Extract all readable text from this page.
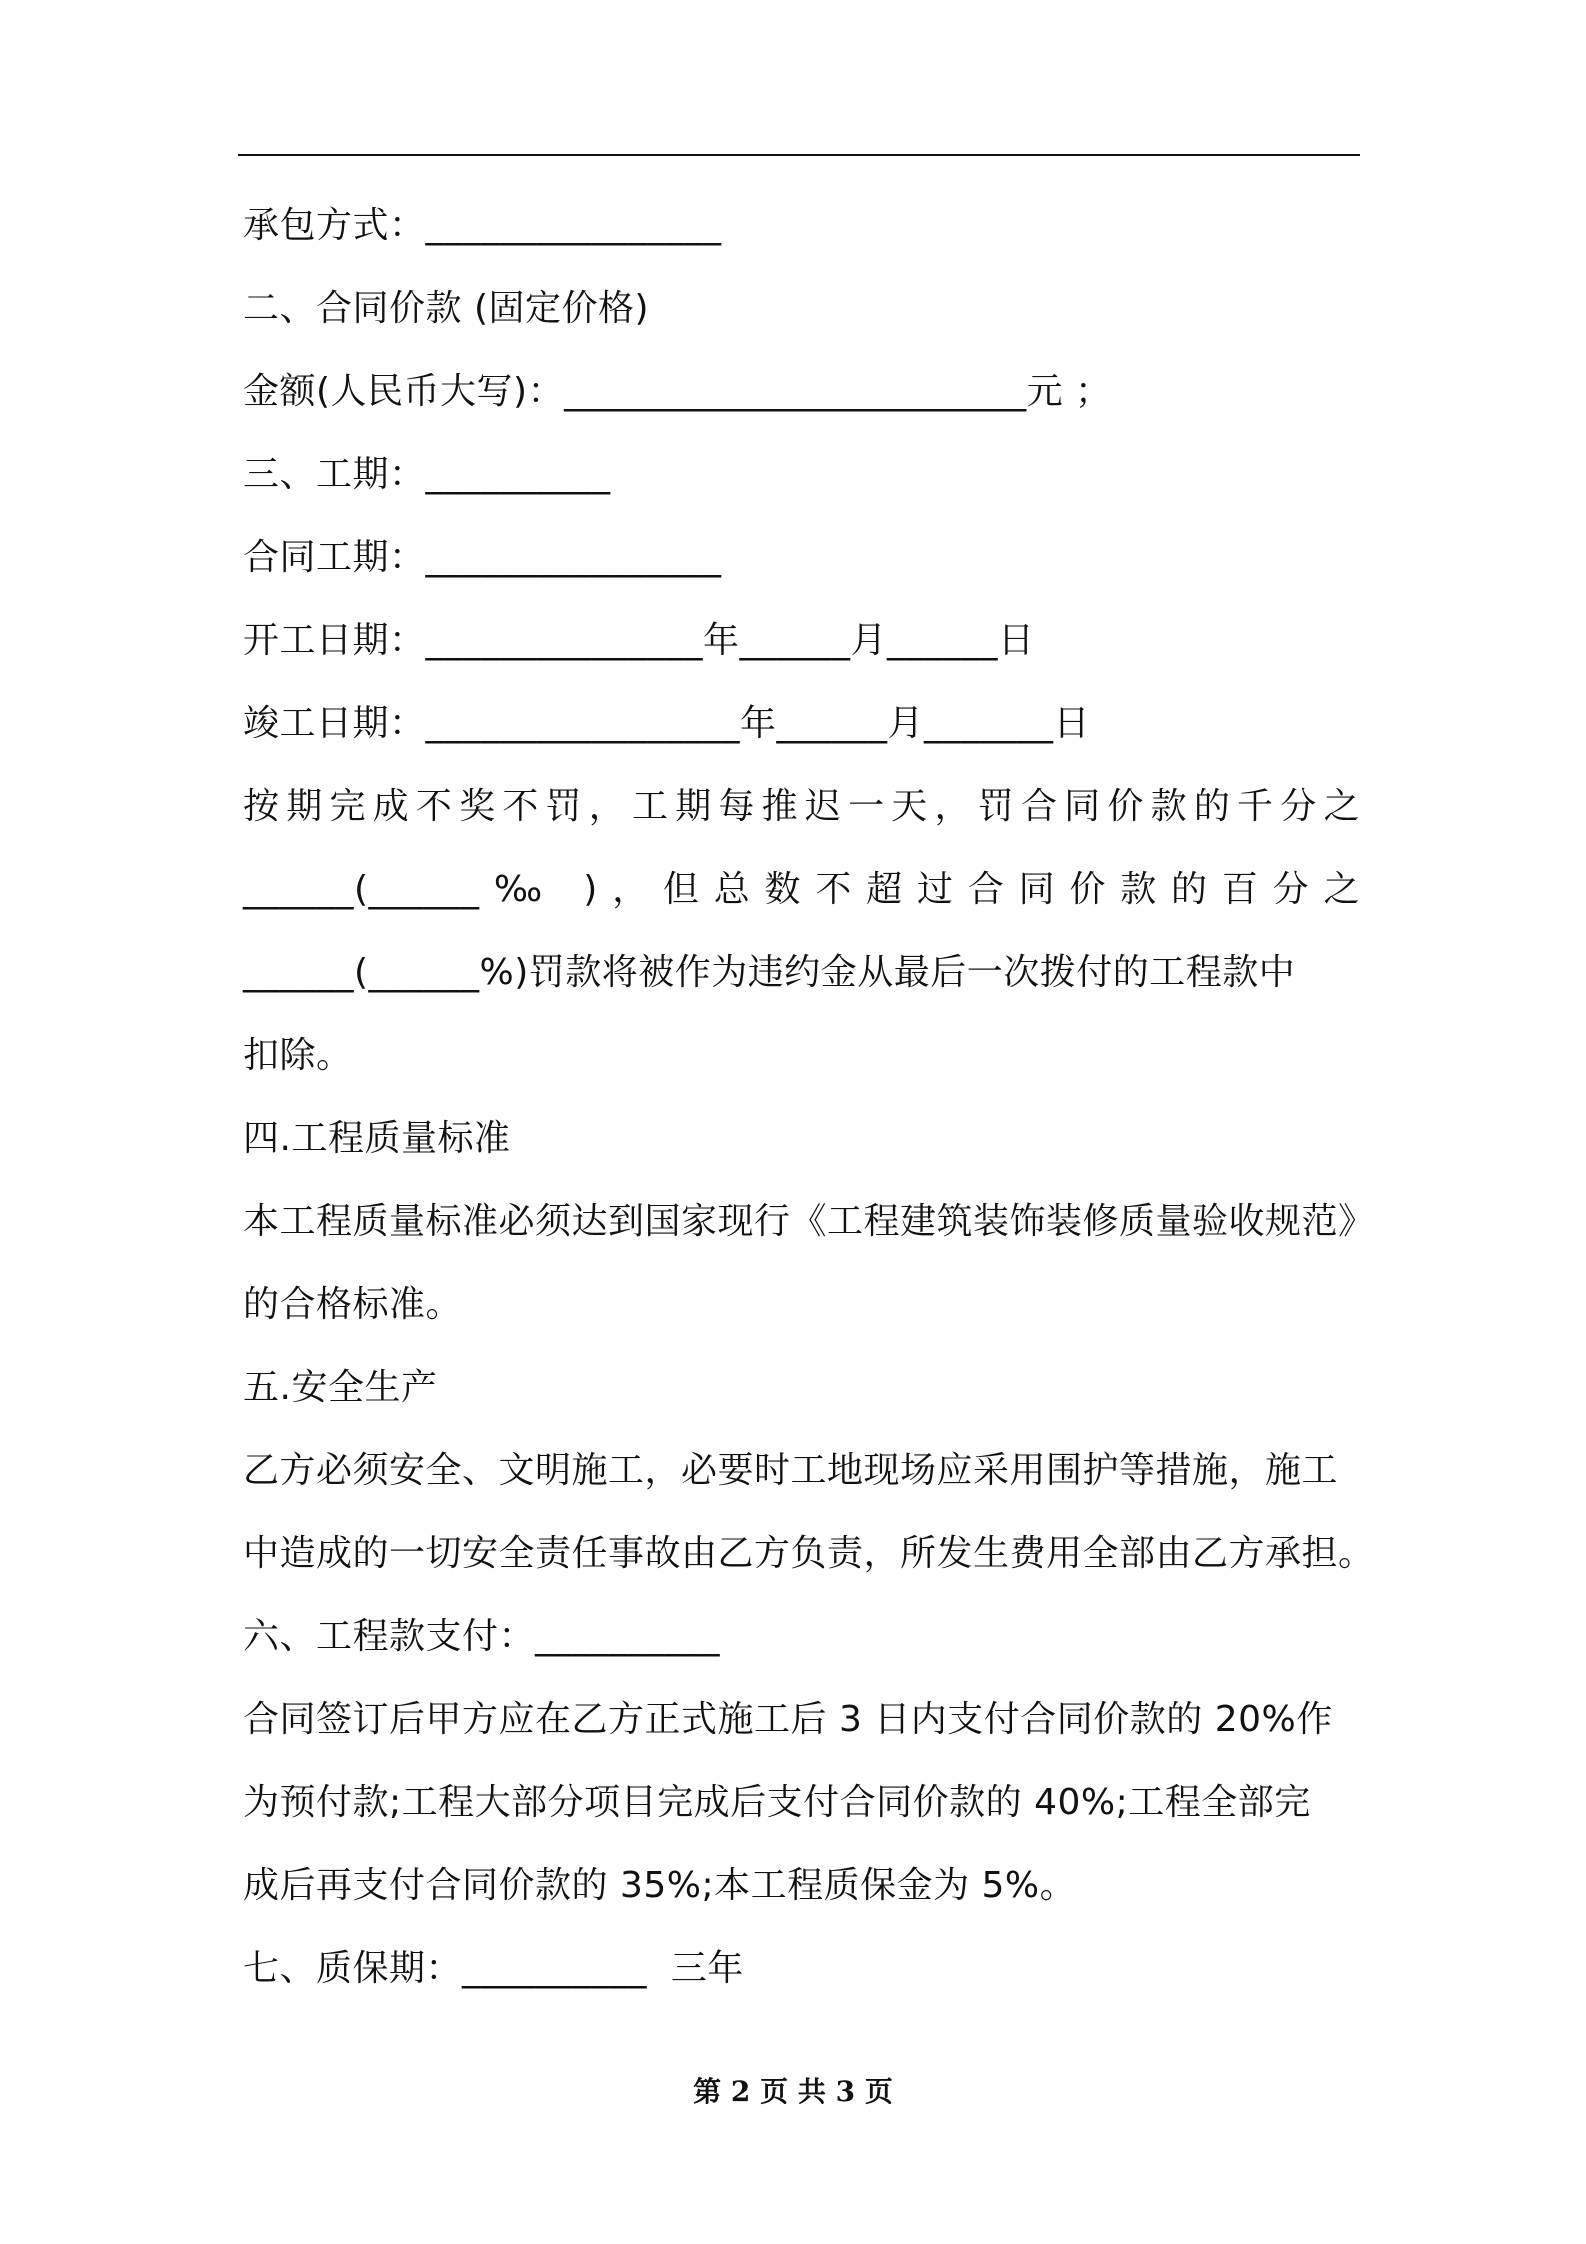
承包方式：________________
二、合同价款 (固定价格)
金额(人民币大写)：_________________________元 ；
三、工期：__________
合同工期：________________
开工日期：_______________年______月______日
竣工日期：_________________年______月_______日
按期完成不奖不罚，工期每推迟一天，罚合同价款的千分之
______(______‰ )，但总数不超过合同价款的百分之
______(______%)罚款将被作为违约金从最后一次拨付的工程款中
扣除。
四.工程质量标准
本工程质量标准必须达到国家现行《工程建筑装饰装修质量验收规范》
的合格标准。
五.安全生产
乙方必须安全、文明施工，必要时工地现场应采用围护等措施，施工
中造成的一切安全责任事故由乙方负责，所发生费用全部由乙方承担。
六、工程款支付：__________
合同签订后甲方应在乙方正式施工后 3 日内支付合同价款的 20%作
为预付款;工程大部分项目完成后支付合同价款的 40%;工程全部完
成后再支付合同价款的 35%;本工程质保金为 5%。
七、质保期：__________  三年
第 2 页 共 3 页
